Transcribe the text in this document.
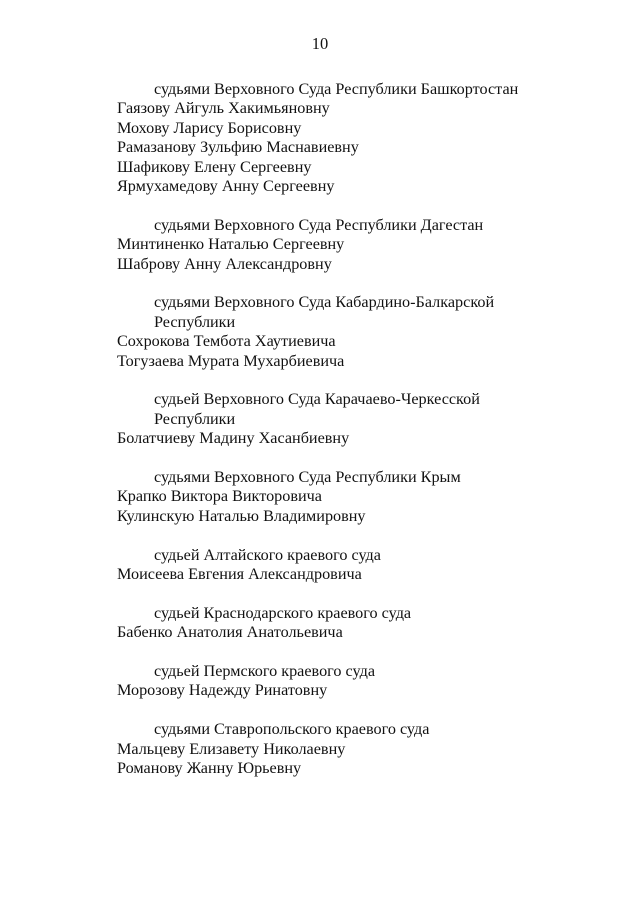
10
судьями Верховного Суда Республики Башкортостан
Гаязову Айгуль Хакимьяновну
Мохову Ларису Борисовну
Рамазанову Зульфию Маснавиевну
Шафикову Елену Сергеевну
Ярмухамедову Анну Сергеевну
судьями Верховного Суда Республики Дагестан
Минтиненко Наталью Сергеевну
Шаброву Анну Александровну
судьями Верховного Суда Кабардино-Балкарской
Республики
Сохрокова Тембота Хаутиевича
Тогузаева Мурата Мухарбиевича
судьей Верховного Суда Карачаево-Черкесской
Республики
Болатчиеву Мадину Хасанбиевну
судьями Верховного Суда Республики Крым
Крапко Виктора Викторовича
Кулинскую Наталью Владимировну
судьей Алтайского краевого суда
Моисеева Евгения Александровича
судьей Краснодарского краевого суда
Бабенко Анатолия Анатольевича
судьей Пермского краевого суда
Морозову Надежду Ринатовну
судьями Ставропольского краевого суда
Мальцеву Елизавету Николаевну
Романову Жанну Юрьевну
